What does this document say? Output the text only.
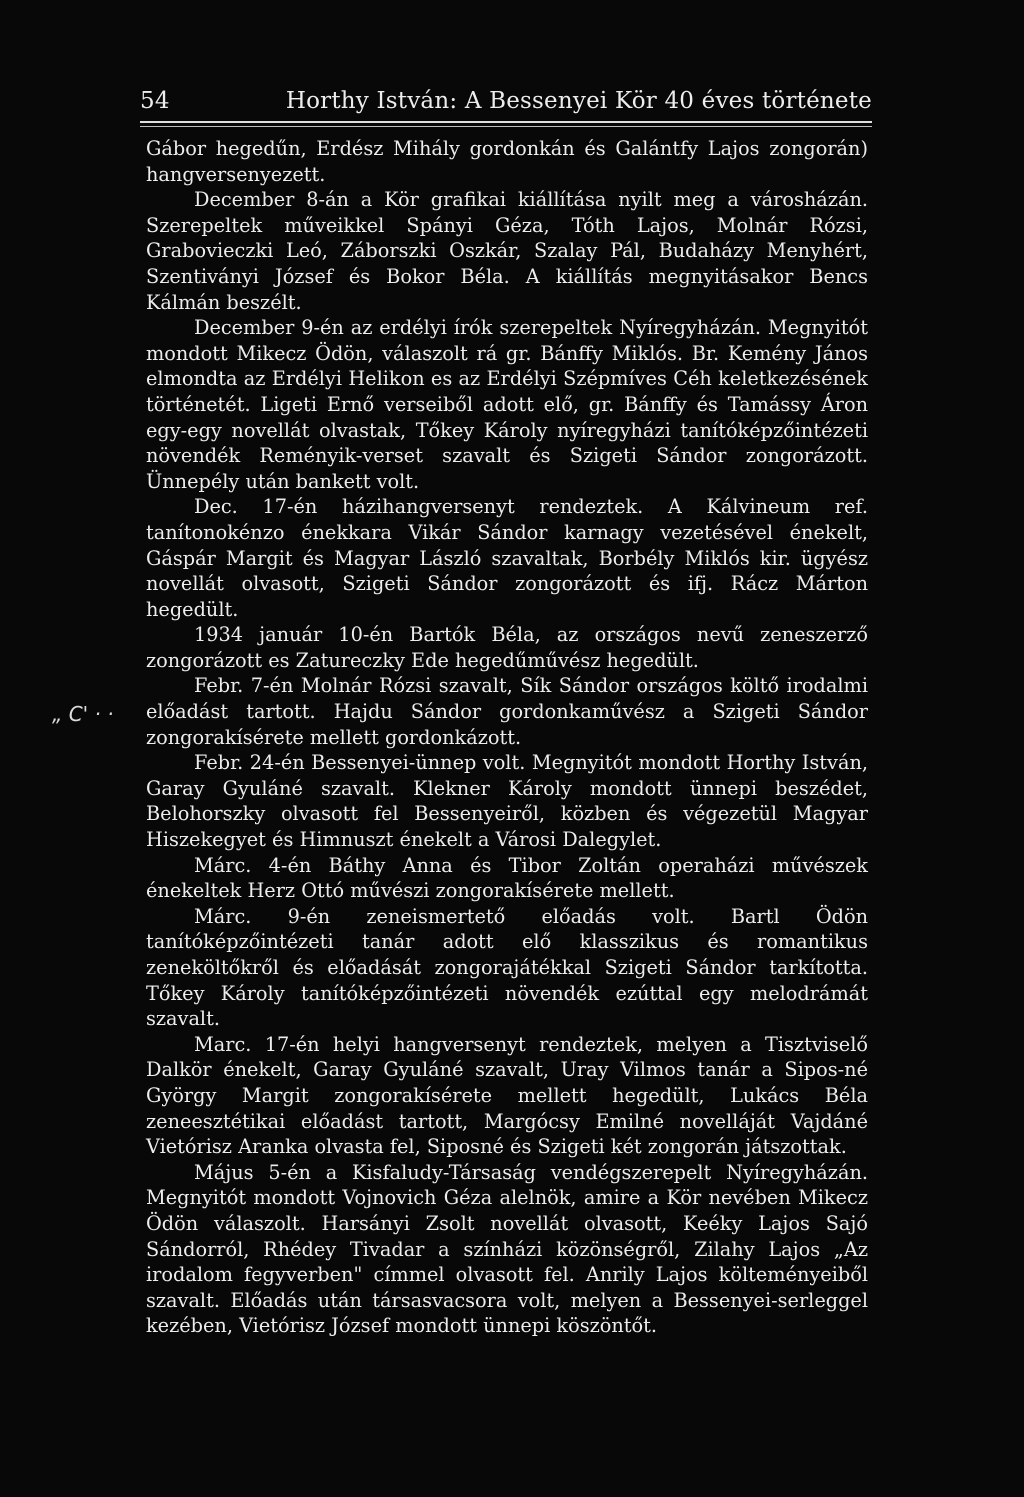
54	Horthy István: A Bessenyei Kör 40 éves története
„ C' · ·

Gábor hegedűn, Erdész Mihály gordonkán és Galántfy Lajos zongorán) hangversenyezett.

December 8-án a Kör grafikai kiállítása nyilt meg a városházán. Szerepeltek műveikkel Spányi Géza, Tóth Lajos, Molnár Rózsi, Grabovieczki Leó, Záborszki Oszkár, Szalay Pál, Budaházy Menyhért, Szentiványi József és Bokor Béla. A kiállítás megnyitásakor Bencs Kálmán beszélt.

December 9-én az erdélyi írók szerepeltek Nyíregyházán. Megnyitót mondott Mikecz Ödön, válaszolt rá gr. Bánffy Miklós. Br. Kemény János elmondta az Erdélyi Helikon es az Erdélyi Szépmíves Céh keletkezésének történetét. Ligeti Ernő verseiből adott elő, gr. Bánffy és Tamássy Áron egy-egy novellát olvastak, Tőkey Károly nyíregyházi tanítóképzőintézeti növendék Reményik-verset szavalt és Szigeti Sándor zongorázott. Ünnepély után bankett volt.

Dec. 17-én házihangversenyt rendeztek. A Kálvineum ref. tanítonokénzo énekkara Vikár Sándor karnagy vezetésével énekelt, Gáspár Margit és Magyar László szavaltak, Borbély Miklós kir. ügyész novellát olvasott, Szigeti Sándor zongorázott és ifj. Rácz Márton hegedült.

1934 január 10-én Bartók Béla, az országos nevű zeneszerző zongorázott es Zatureczky Ede hegedűművész hegedült.

Febr. 7-én Molnár Rózsi szavalt, Sík Sándor országos költő irodalmi előadást tartott. Hajdu Sándor gordonkaművész a Szigeti Sándor zongorakísérete mellett gordonkázott.

Febr. 24-én Bessenyei-ünnep volt. Megnyitót mondott Horthy István, Garay Gyuláné szavalt. Klekner Károly mondott ünnepi beszédet, Belohorszky olvasott fel Bessenyeiről, közben és végezetül Magyar Hiszekegyet és Himnuszt énekelt a Városi Dalegylet.

Márc. 4-én Báthy Anna és Tibor Zoltán operaházi művészek énekeltek Herz Ottó művészi zongorakísérete mellett.

Márc. 9-én zeneismertető előadás volt. Bartl Ödön tanítóképzőintézeti tanár adott elő klasszikus és romantikus zeneköltőkről és előadását zongorajátékkal Szigeti Sándor tarkította. Tőkey Károly tanítóképzőintézeti növendék ezúttal egy melodrámát szavalt.

Marc. 17-én helyi hangversenyt rendeztek, melyen a Tisztviselő Dalkör énekelt, Garay Gyuláné szavalt, Uray Vilmos tanár a Sipos-né György Margit zongorakísérete mellett hegedült, Lukács Béla zeneesztétikai előadást tartott, Margócsy Emilné novelláját Vajdáné Vietórisz Aranka olvasta fel, Siposné és Szigeti két zongorán játszottak.

Május 5-én a Kisfaludy-Társaság vendégszerepelt Nyíregyházán. Megnyitót mondott Vojnovich Géza alelnök, amire a Kör nevében Mikecz Ödön válaszolt. Harsányi Zsolt novellát olvasott, Keéky Lajos Sajó Sándorról, Rhédey Tivadar a színházi közönségről, Zilahy Lajos „Az irodalom fegyverben" címmel olvasott fel. Anrily Lajos költeményeiből szavalt. Előadás után társasvacsora volt, melyen a Bessenyei-serleggel kezében, Vietórisz József mondott ünnepi köszöntőt.
